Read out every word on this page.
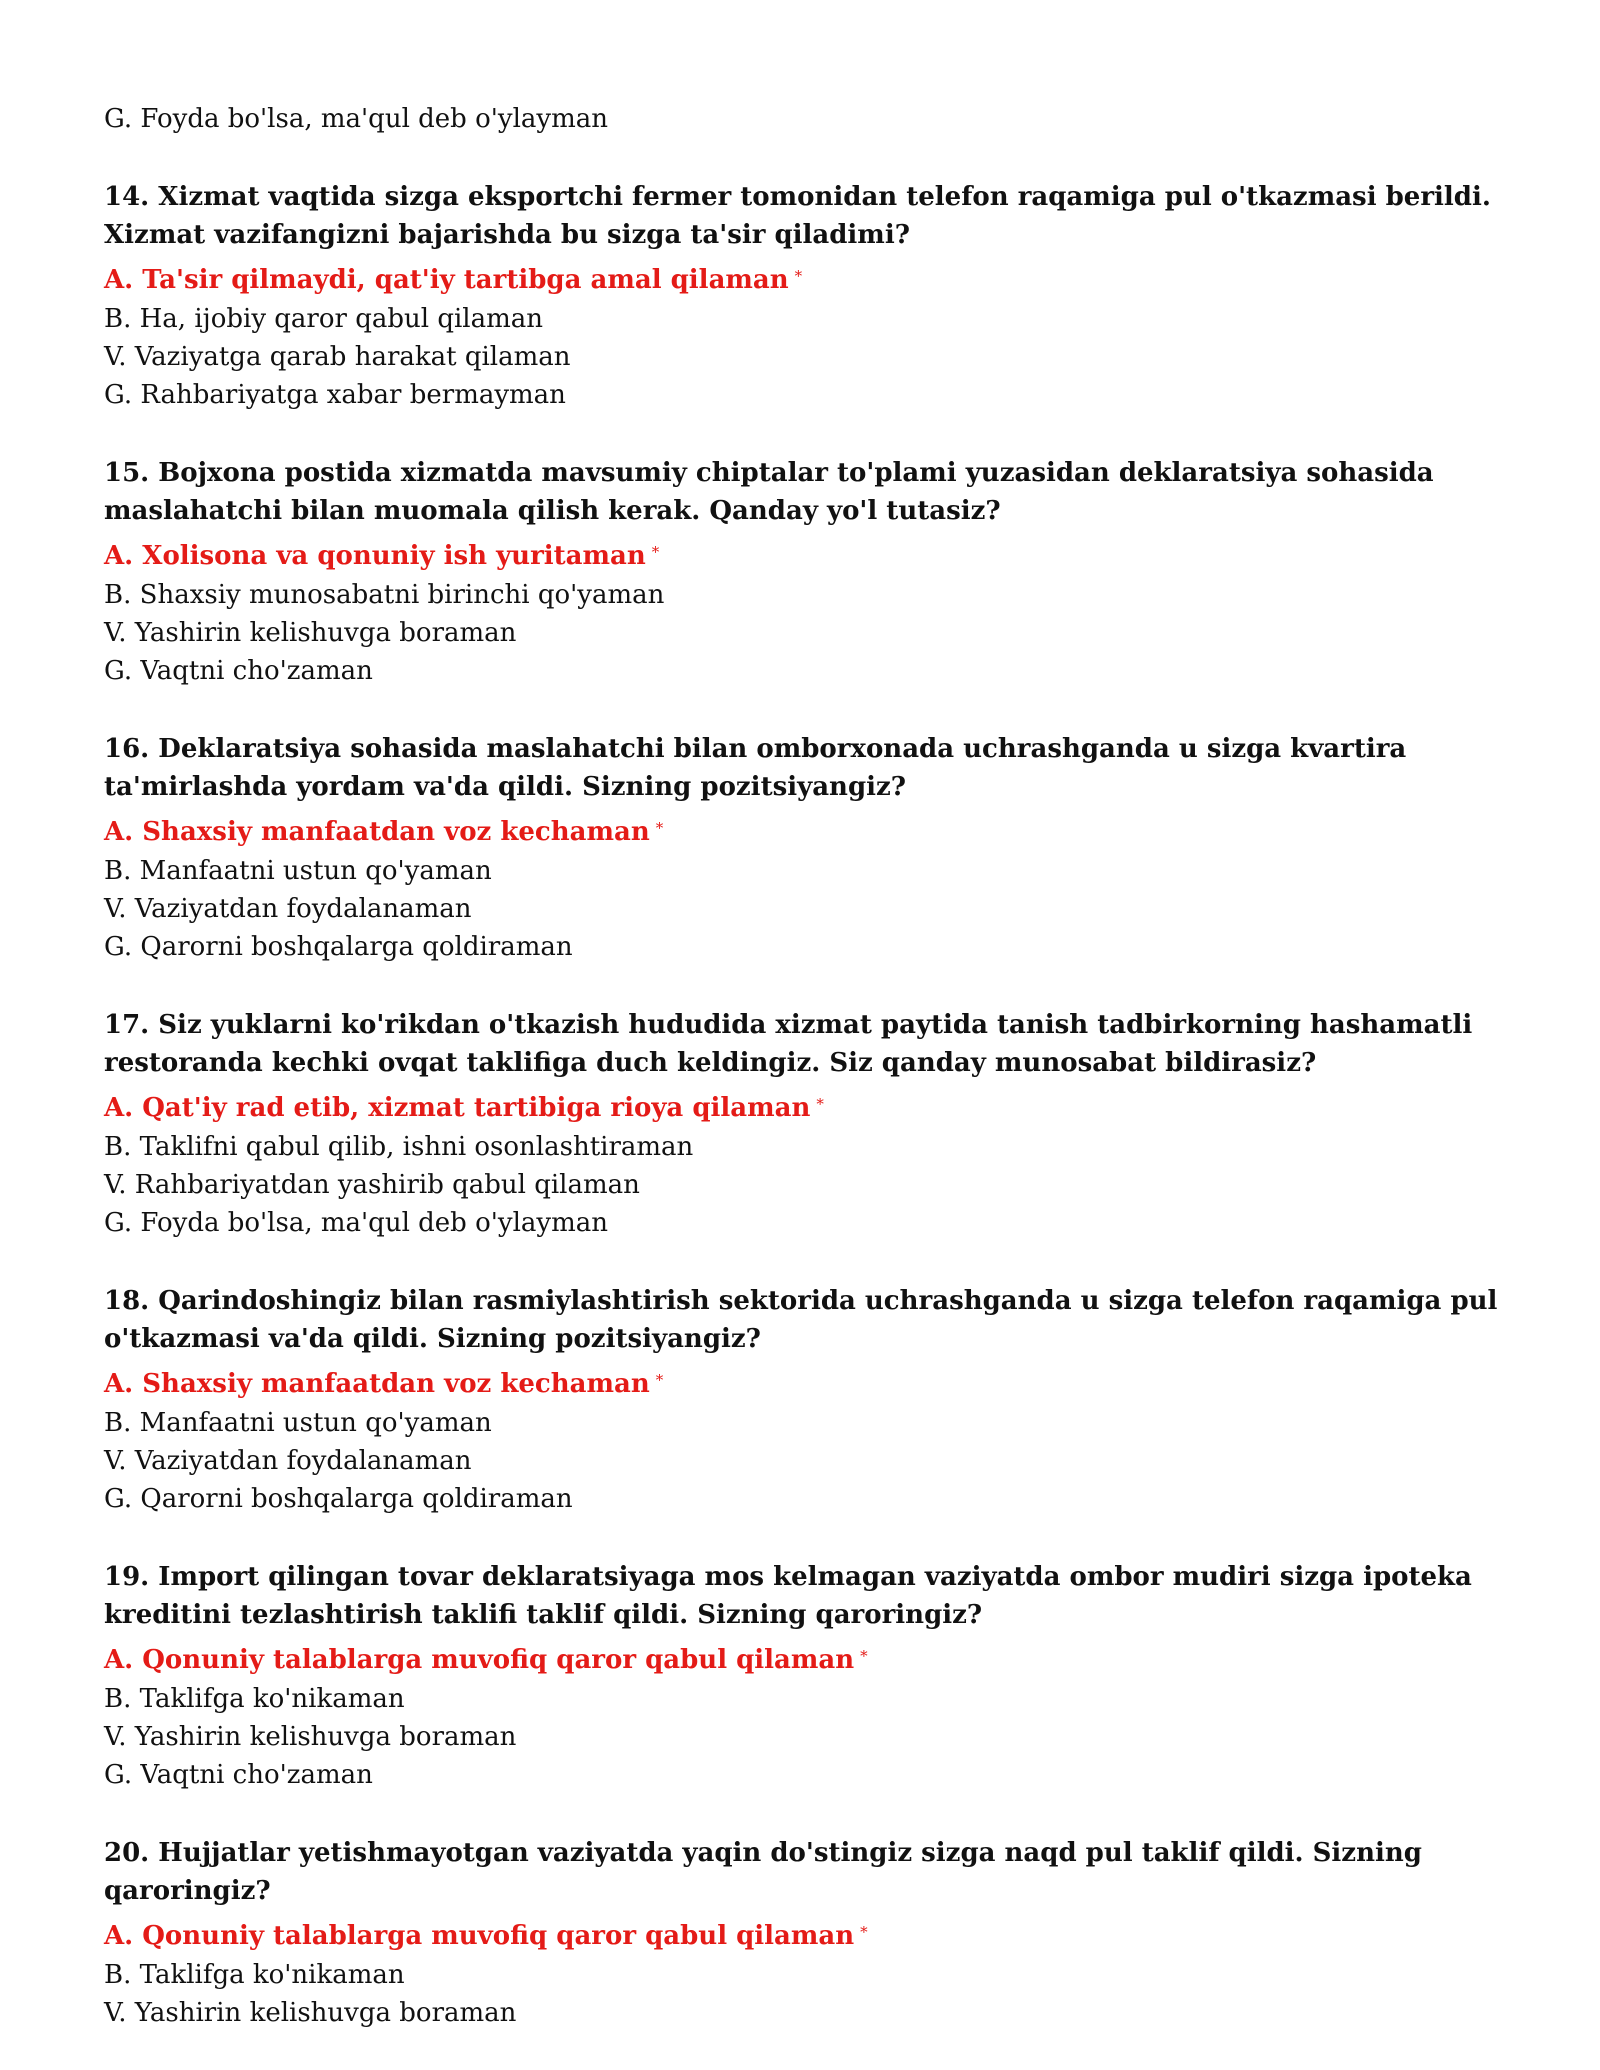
G. Foyda bo'lsa, ma'qul deb o'ylayman

14. Xizmat vaqtida sizga eksportchi fermer tomonidan telefon raqamiga pul o'tkazmasi berildi. Xizmat vazifangizni bajarishda bu sizga ta'sir qiladimi?

A. Ta'sir qilmaydi, qat'iy tartibga amal qilaman *

B. Ha, ijobiy qaror qabul qilaman

V. Vaziyatga qarab harakat qilaman

G. Rahbariyatga xabar bermayman

15. Bojxona postida xizmatda mavsumiy chiptalar to'plami yuzasidan deklaratsiya sohasida maslahatchi bilan muomala qilish kerak. Qanday yo'l tutasiz?

A. Xolisona va qonuniy ish yuritaman *

B. Shaxsiy munosabatni birinchi qo'yaman

V. Yashirin kelishuvga boraman

G. Vaqtni cho'zaman

16. Deklaratsiya sohasida maslahatchi bilan omborxonada uchrashganda u sizga kvartira ta'mirlashda yordam va'da qildi. Sizning pozitsiyangiz?

A. Shaxsiy manfaatdan voz kechaman *

B. Manfaatni ustun qo'yaman

V. Vaziyatdan foydalanaman

G. Qarorni boshqalarga qoldiraman

17. Siz yuklarni ko'rikdan o'tkazish hududida xizmat paytida tanish tadbirkorning hashamatli restoranda kechki ovqat taklifiga duch keldingiz. Siz qanday munosabat bildirasiz?

A. Qat'iy rad etib, xizmat tartibiga rioya qilaman *

B. Taklifni qabul qilib, ishni osonlashtiraman

V. Rahbariyatdan yashirib qabul qilaman

G. Foyda bo'lsa, ma'qul deb o'ylayman

18. Qarindoshingiz bilan rasmiylashtirish sektorida uchrashganda u sizga telefon raqamiga pul o'tkazmasi va'da qildi. Sizning pozitsiyangiz?

A. Shaxsiy manfaatdan voz kechaman *

B. Manfaatni ustun qo'yaman

V. Vaziyatdan foydalanaman

G. Qarorni boshqalarga qoldiraman

19. Import qilingan tovar deklaratsiyaga mos kelmagan vaziyatda ombor mudiri sizga ipoteka kreditini tezlashtirish taklifi taklif qildi. Sizning qaroringiz?

A. Qonuniy talablarga muvofiq qaror qabul qilaman *

B. Taklifga ko'nikaman

V. Yashirin kelishuvga boraman

G. Vaqtni cho'zaman

20. Hujjatlar yetishmayotgan vaziyatda yaqin do'stingiz sizga naqd pul taklif qildi. Sizning qaroringiz?

A. Qonuniy talablarga muvofiq qaror qabul qilaman *

B. Taklifga ko'nikaman

V. Yashirin kelishuvga boraman
